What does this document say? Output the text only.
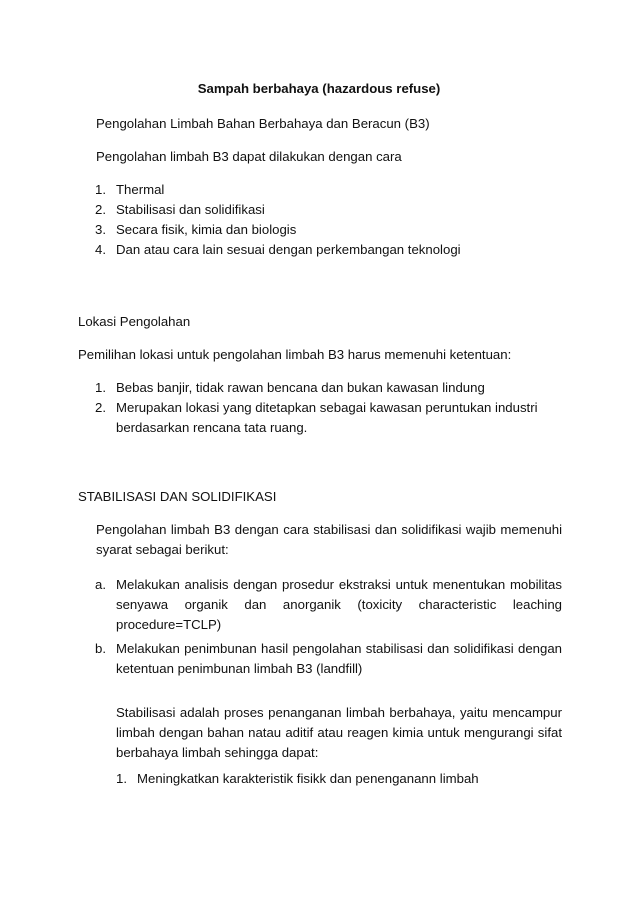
Sampah berbahaya (hazardous refuse)
Pengolahan Limbah Bahan Berbahaya dan Beracun (B3)
Pengolahan limbah B3 dapat dilakukan dengan cara
1. Thermal
2. Stabilisasi dan solidifikasi
3. Secara fisik, kimia dan biologis
4. Dan atau cara lain sesuai dengan perkembangan teknologi
Lokasi Pengolahan
Pemilihan lokasi untuk pengolahan limbah B3 harus memenuhi ketentuan:
1. Bebas banjir, tidak rawan bencana dan bukan kawasan lindung
2. Merupakan lokasi yang ditetapkan sebagai kawasan peruntukan industri berdasarkan rencana tata ruang.
STABILISASI DAN SOLIDIFIKASI
Pengolahan limbah B3 dengan cara stabilisasi dan solidifikasi wajib memenuhi syarat sebagai berikut:
a. Melakukan analisis dengan prosedur ekstraksi untuk menentukan mobilitas senyawa organik dan anorganik (toxicity characteristic leaching procedure=TCLP)
b. Melakukan penimbunan hasil pengolahan stabilisasi dan solidifikasi dengan ketentuan penimbunan limbah B3 (landfill)
Stabilisasi adalah proses penanganan limbah berbahaya, yaitu mencampur limbah dengan bahan natau aditif atau reagen kimia untuk mengurangi sifat berbahaya limbah sehingga dapat:
1. Meningkatkan karakteristik fisikk dan penenganann limbah
